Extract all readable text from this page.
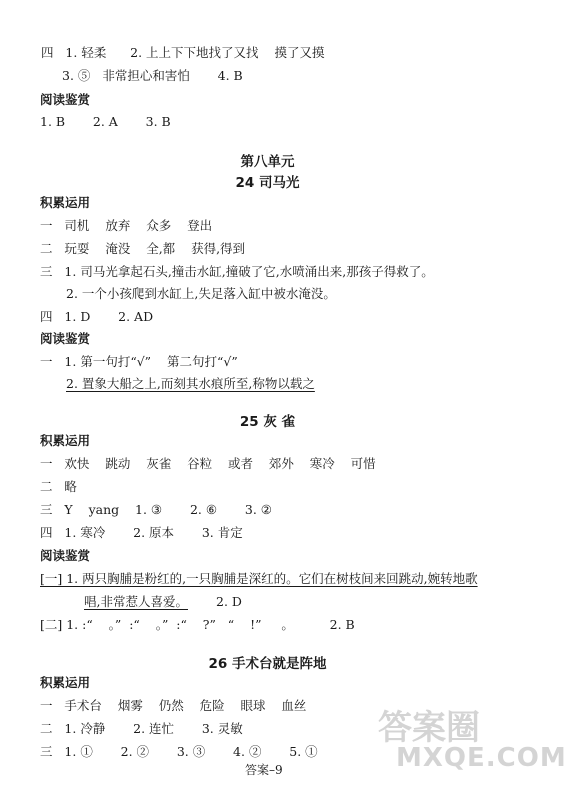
四   1. 轻柔      2. 上上下下地找了又找    摸了又摸
3. ⑤   非常担心和害怕       4. B
阅读鉴赏
1. B       2. A       3. B
第八单元
24 司马光
积累运用
一   司机    放弃    众多    登出
二   玩耍    淹没    全,都    获得,得到
三   1. 司马光拿起石头,撞击水缸,撞破了它,水喷涌出来,那孩子得救了。
2. 一个小孩爬到水缸上,失足落入缸中被水淹没。
四   1. D       2. AD
阅读鉴赏
一   1. 第一句打“√”    第二句打“√”
2. 置象大船之上,而刻其水痕所至,称物以载之
25 灰 雀
积累运用
一   欢快    跳动    灰雀    谷粒    或者    郊外    寒冷    可惜
二   略
三   Y    yang    1. ③       2. ⑥       3. ②
四   1. 寒冷       2. 原本       3. 肯定
阅读鉴赏
[一] 1. 两只胸脯是粉红的,一只胸脯是深红的。它们在树枝间来回跳动,婉转地歌
唱,非常惹人喜爱。 2. D
[二] 1. :“    。”  :“    。”  :“    ?”   “    !”     。         2. B
26 手术台就是阵地
积累运用
一   手术台    烟雾    仍然    危险    眼球    血丝
二   1. 冷静       2. 连忙       3. 灵敏
三   1. ①       2. ②       3. ③       4. ②       5. ①
答案–9
答案圈
MXQE.COM
